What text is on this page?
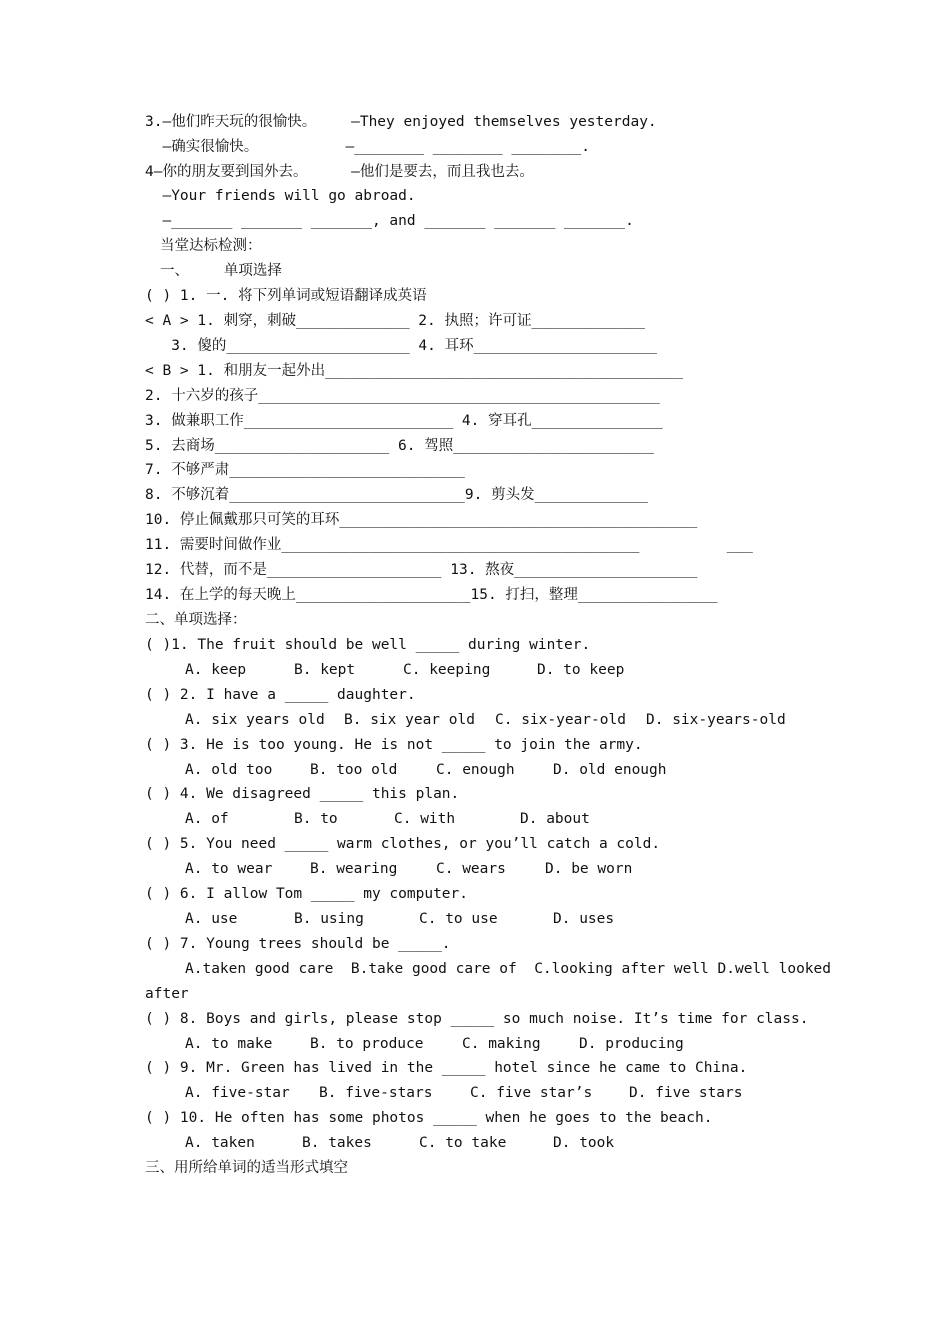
3.—他们昨天玩的很愉快。    —They enjoyed themselves yesterday.
—确实很愉快。          —________ ________ ________.
4—你的朋友要到国外去。     —他们是要去，而且我也去。
—Your friends will go abroad.
—_______ _______ _______, and _______ _______ _______.
当堂达标检测：
一、    单项选择
( ) 1. 一. 将下列单词或短语翻译成英语
< A > 1. 刺穿，刺破_____________ 2. 执照；许可证_____________
3. 傻的_____________________ 4. 耳环_____________________
< B > 1. 和朋友一起外出_________________________________________
2. 十六岁的孩子______________________________________________
3. 做兼职工作________________________ 4. 穿耳孔_______________
5. 去商场____________________ 6. 驾照_______________________
7. 不够严肃___________________________
8. 不够沉着___________________________9. 剪头发_____________
10. 停止佩戴那只可笑的耳环_________________________________________
11. 需要时间做作业_________________________________________          ___
12. 代替，而不是____________________ 13. 熬夜_____________________
14. 在上学的每天晚上____________________15. 打扫，整理________________
二、单项选择：
( )1. The fruit should be well _____ during winter.

A. keep

	B. kept

	C. keeping

	D. to keep

( ) 2. I have a _____ daughter.

A. six years old

B. six year old

C. six-year-old

D. six-years-old

( ) 3. He is too young. He is not _____ to join the army.

A. old too

	B. too old

	C. enough

	D. old enough

( ) 4. We disagreed _____ this plan.

A. of

	B. to

	C. with

	D. about

( ) 5. You need _____ warm clothes, or you’ll catch a cold.

A. to wear

	B. wearing

	C. wears

	D. be worn

( ) 6. I allow Tom _____ my computer.

A. use

	B. using

	C. to use

	D. uses

( ) 7. Young trees should be _____.
A.taken good care  B.take good care of  C.looking after well D.well looked
after
( ) 8. Boys and girls, please stop _____ so much noise. It’s time for class.

A. to make

	B. to produce

	C. making

	D. producing

( ) 9. Mr. Green has lived in the _____ hotel since he came to China.

A. five-star

B. five-stars

	C. five star’s

	D. five stars

( ) 10. He often has some photos _____ when he goes to the beach.

A. taken

	B. takes

	C. to take

	D. took

三、用所给单词的适当形式填空
